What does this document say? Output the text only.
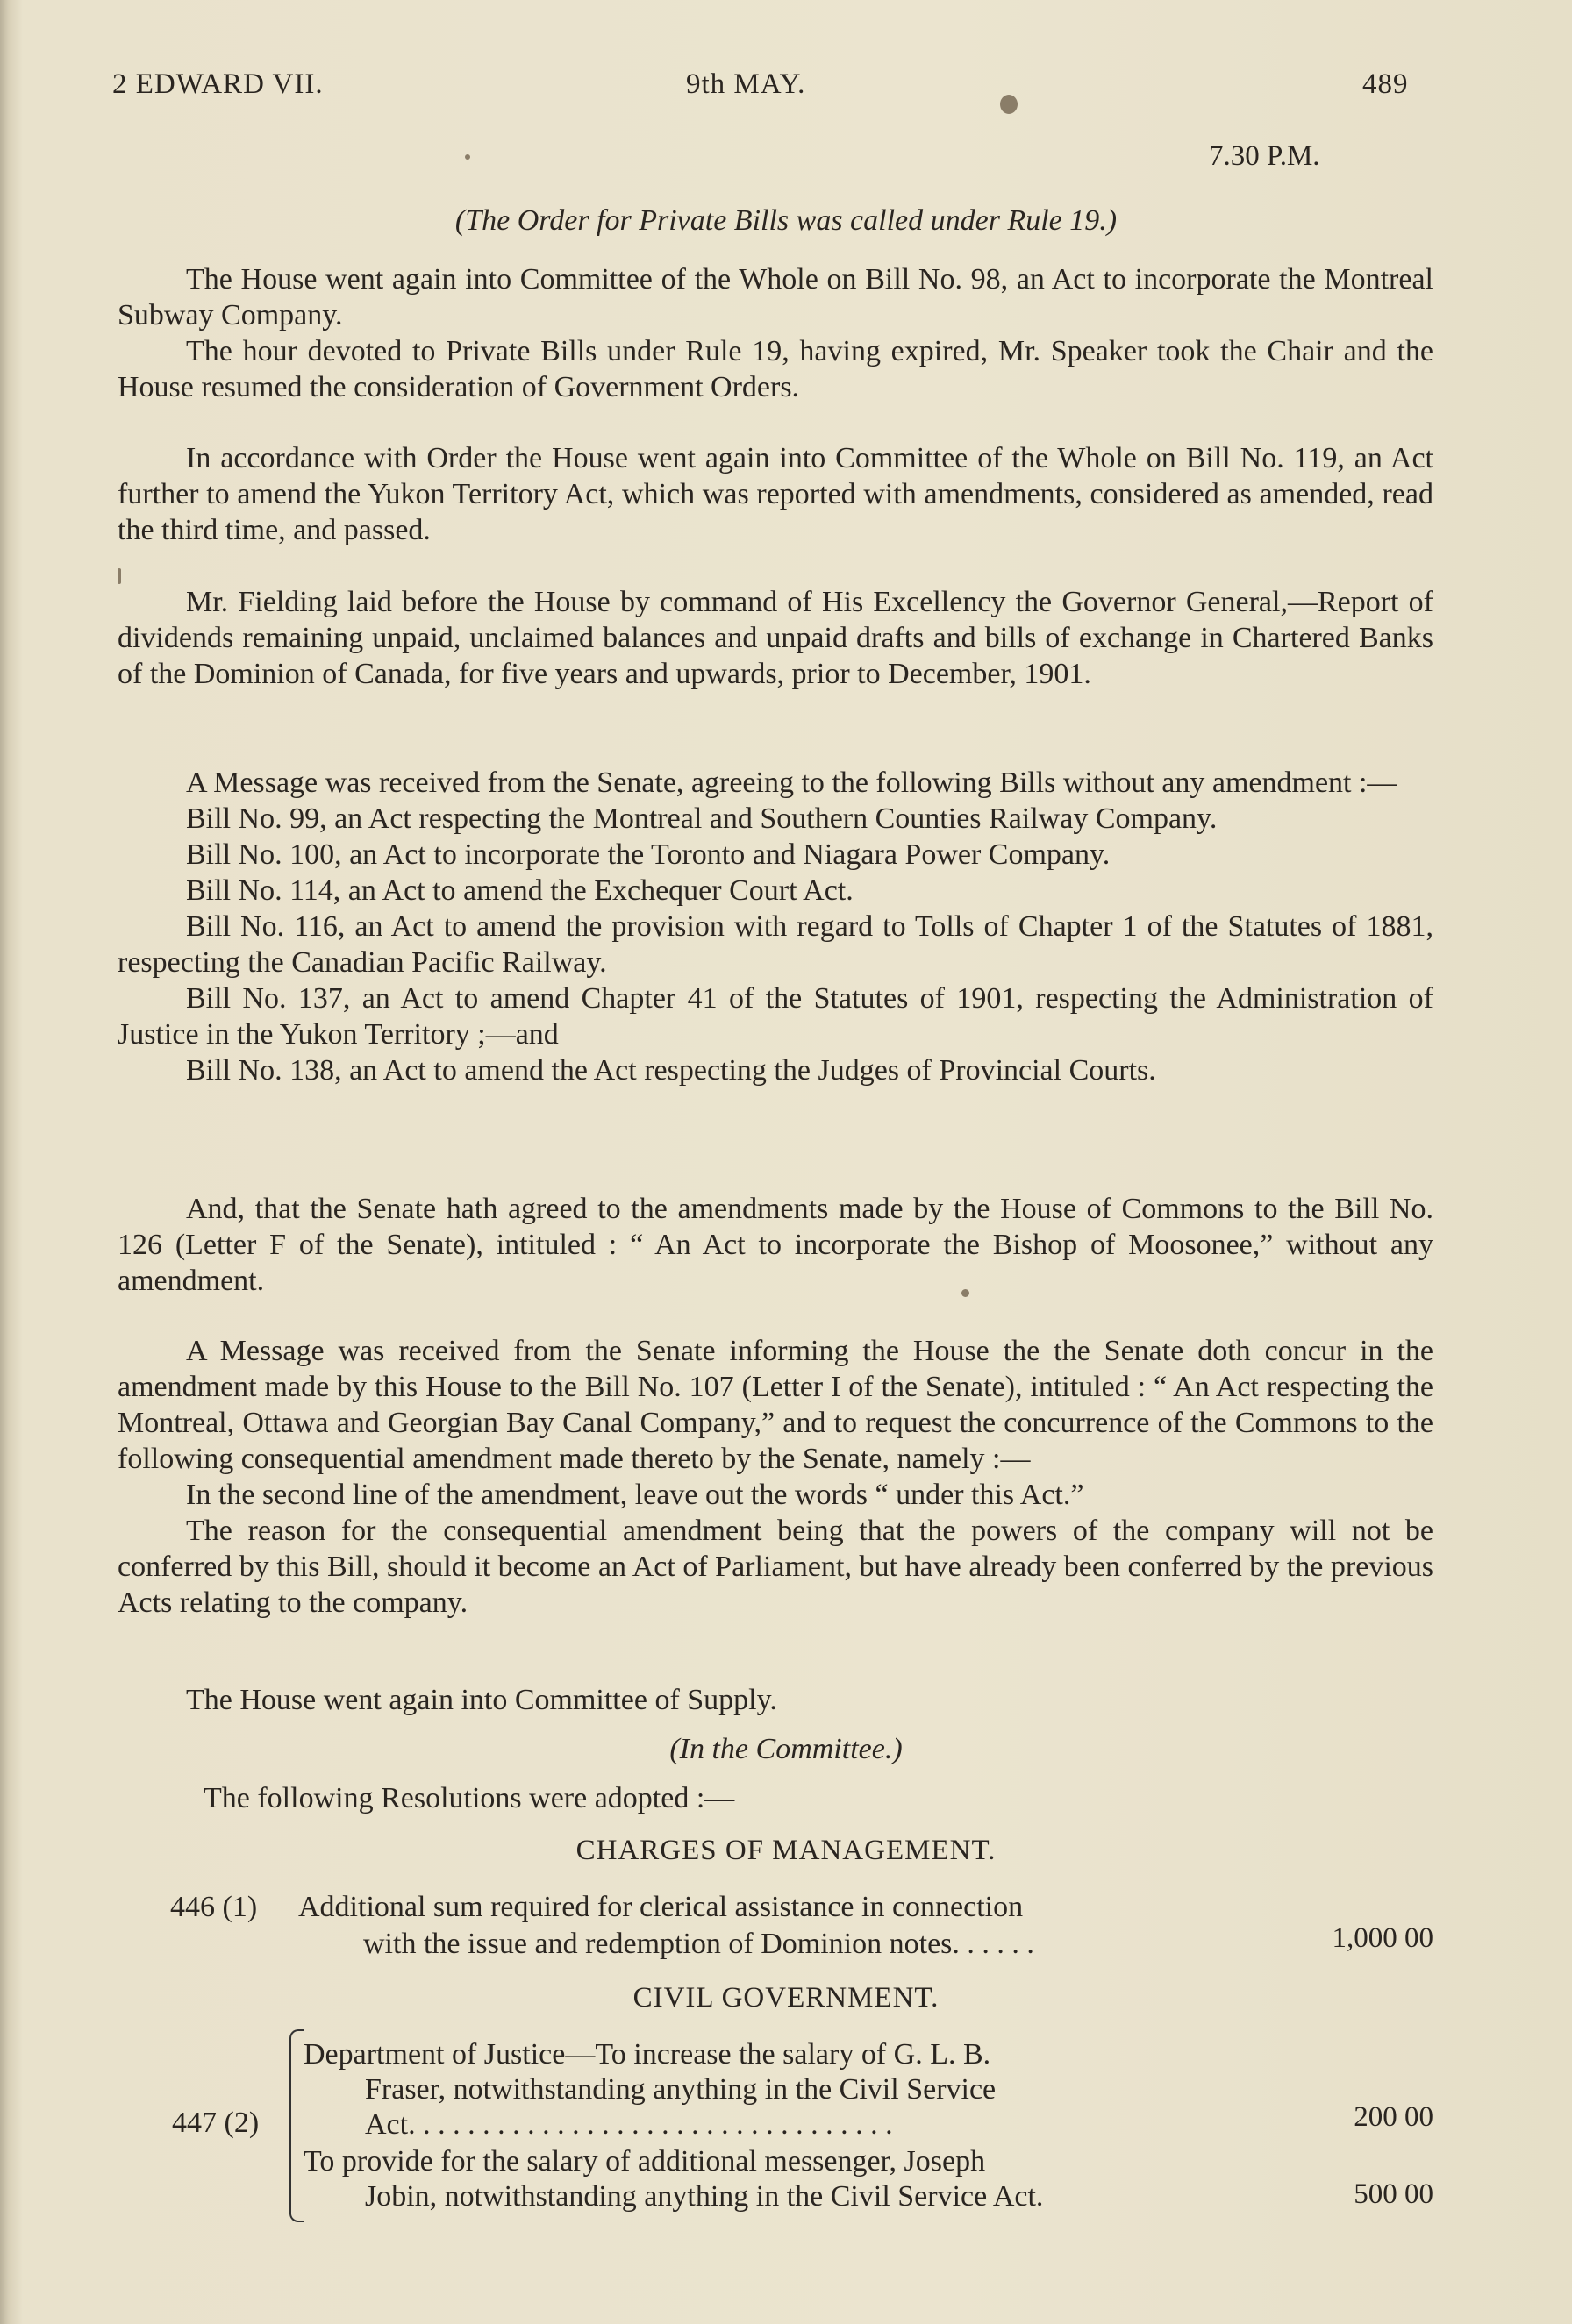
2 EDWARD VII.	9th MAY.	489
7.30 P.M.
(The Order for Private Bills was called under Rule 19.)

The House went again into Committee of the Whole on Bill No. 98, an Act to incorporate the Montreal Subway Company.

The hour devoted to Private Bills under Rule 19, having expired, Mr. Speaker took the Chair and the House resumed the consideration of Government Orders.

In accordance with Order the House went again into Committee of the Whole on Bill No. 119, an Act further to amend the Yukon Territory Act, which was reported with amendments, considered as amended, read the third time, and passed.

Mr. Fielding laid before the House by command of His Excellency the Governor General,—Report of dividends remaining unpaid, unclaimed balances and unpaid drafts and bills of exchange in Chartered Banks of the Dominion of Canada, for five years and upwards, prior to December, 1901.

A Message was received from the Senate, agreeing to the following Bills without any amendment :—

Bill No. 99, an Act respecting the Montreal and Southern Counties Railway Company.

Bill No. 100, an Act to incorporate the Toronto and Niagara Power Company.

Bill No. 114, an Act to amend the Exchequer Court Act.

Bill No. 116, an Act to amend the provision with regard to Tolls of Chapter 1 of the Statutes of 1881, respecting the Canadian Pacific Railway.

Bill No. 137, an Act to amend Chapter 41 of the Statutes of 1901, respecting the Administration of Justice in the Yukon Territory ;—and

Bill No. 138, an Act to amend the Act respecting the Judges of Provincial Courts.

And, that the Senate hath agreed to the amendments made by the House of Commons to the Bill No. 126 (Letter F of the Senate), intituled : “ An Act to incorporate the Bishop of Moosonee,” without any amendment.

A Message was received from the Senate informing the House the the Senate doth concur in the amendment made by this House to the Bill No. 107 (Letter I of the Senate), intituled : “ An Act respecting the Montreal, Ottawa and Georgian Bay Canal Company,” and to request the concurrence of the Commons to the following consequential amendment made thereto by the Senate, namely :—

In the second line of the amendment, leave out the words “ under this Act.”

The reason for the consequential amendment being that the powers of the company will not be conferred by this Bill, should it become an Act of Parliament, but have already been conferred by the previous Acts relating to the company.

The House went again into Committee of Supply.

(In the Committee.)
The following Resolutions were adopted :—
CHARGES OF MANAGEMENT.
446 (1) Additional sum required for clerical assistance in connection
with the issue and redemption of Dominion notes. . . . . .	1,000 00
CIVIL GOVERNMENT.
447 (2)
Department of Justice—To increase the salary of G. L. B.
Fraser, notwithstanding anything in the Civil Service
Act. . . . . . . . . . . . . . . . . . . . . . . . . . . . . . . . .	200 00
To provide for the salary of additional messenger, Joseph
Jobin, notwithstanding anything in the Civil Service Act.	500 00
